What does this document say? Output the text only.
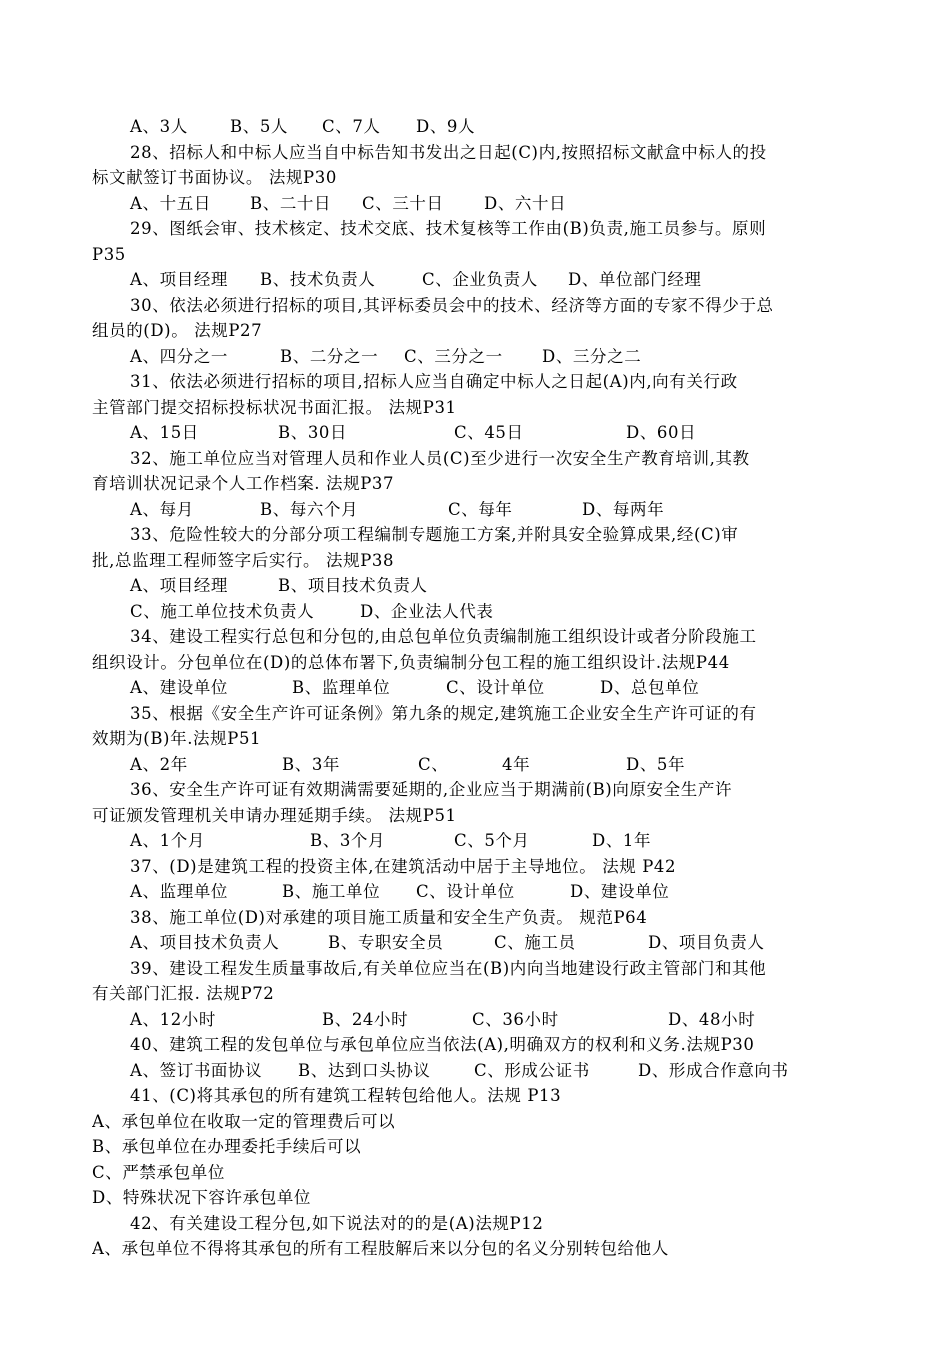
A、3人	B、5人 C、7人 D、9人
28、招标人和中标人应当自中标告知书发出之日起(C)内,按照招标文献盒中标人的投
标文献签订书面协议。 法规P30
A、十五日 B、二十日 C、三十日 D、六十日
29、图纸会审、技术核定、技术交底、技术复核等工作由(B)负责,施工员参与。原则
P35
A、项目经理 B、技术负责人	C、企业负责人 D、单位部门经理
30、依法必须进行招标的项目,其评标委员会中的技术、经济等方面的专家不得少于总
组员的(D)。 法规P27
A、四分之一	B、二分之一 C、三分之一 D、三分之二
31、依法必须进行招标的项目,招标人应当自确定中标人之日起(A)内,向有关行政
主管部门提交招标投标状况书面汇报。 法规P31
A、15日	B、30日	C、45日	D、60日
32、施工单位应当对管理人员和作业人员(C)至少进行一次安全生产教育培训,其教
育培训状况记录个人工作档案. 法规P37
A、每月	B、每六个月	C、每年	D、每两年
33、危险性较大的分部分项工程编制专题施工方案,并附具安全验算成果,经(C)审
批,总监理工程师签字后实行。 法规P38
A、项目经理	B、项目技术负责人
C、施工单位技术负责人	D、企业法人代表
34、建设工程实行总包和分包的,由总包单位负责编制施工组织设计或者分阶段施工
组织设计。分包单位在(D)的总体布署下,负责编制分包工程的施工组织设计.法规P44
A、建设单位	B、监理单位	C、设计单位	D、总包单位
35、根据《安全生产许可证条例》第九条的规定,建筑施工企业安全生产许可证的有
效期为(B)年.法规P51
A、2年	B、3年	C、	4年	D、5年
36、安全生产许可证有效期满需要延期的,企业应当于期满前(B)向原安全生产许
可证颁发管理机关申请办理延期手续。 法规P51
A、1个月	B、3个月	C、5个月	D、1年
37、(D)是建筑工程的投资主体,在建筑活动中居于主导地位。 法规 P42
A、监理单位	B、施工单位 C、设计单位	D、建设单位
38、施工单位(D)对承建的项目施工质量和安全生产负责。 规范P64
A、项目技术负责人	B、专职安全员	C、施工员	D、项目负责人
39、建设工程发生质量事故后,有关单位应当在(B)内向当地建设行政主管部门和其他
有关部门汇报. 法规P72
A、12小时	B、24小时	C、36小时	D、48小时
40、建筑工程的发包单位与承包单位应当依法(A),明确双方的权利和义务.法规P30
A、签订书面协议 B、达到口头协议	C、形成公证书	D、形成合作意向书
41、(C)将其承包的所有建筑工程转包给他人。法规 P13
A、承包单位在收取一定的管理费后可以
B、承包单位在办理委托手续后可以
C、严禁承包单位
D、特殊状况下容许承包单位
42、有关建设工程分包,如下说法对的的是(A)法规P12
A、承包单位不得将其承包的所有工程肢解后来以分包的名义分别转包给他人
